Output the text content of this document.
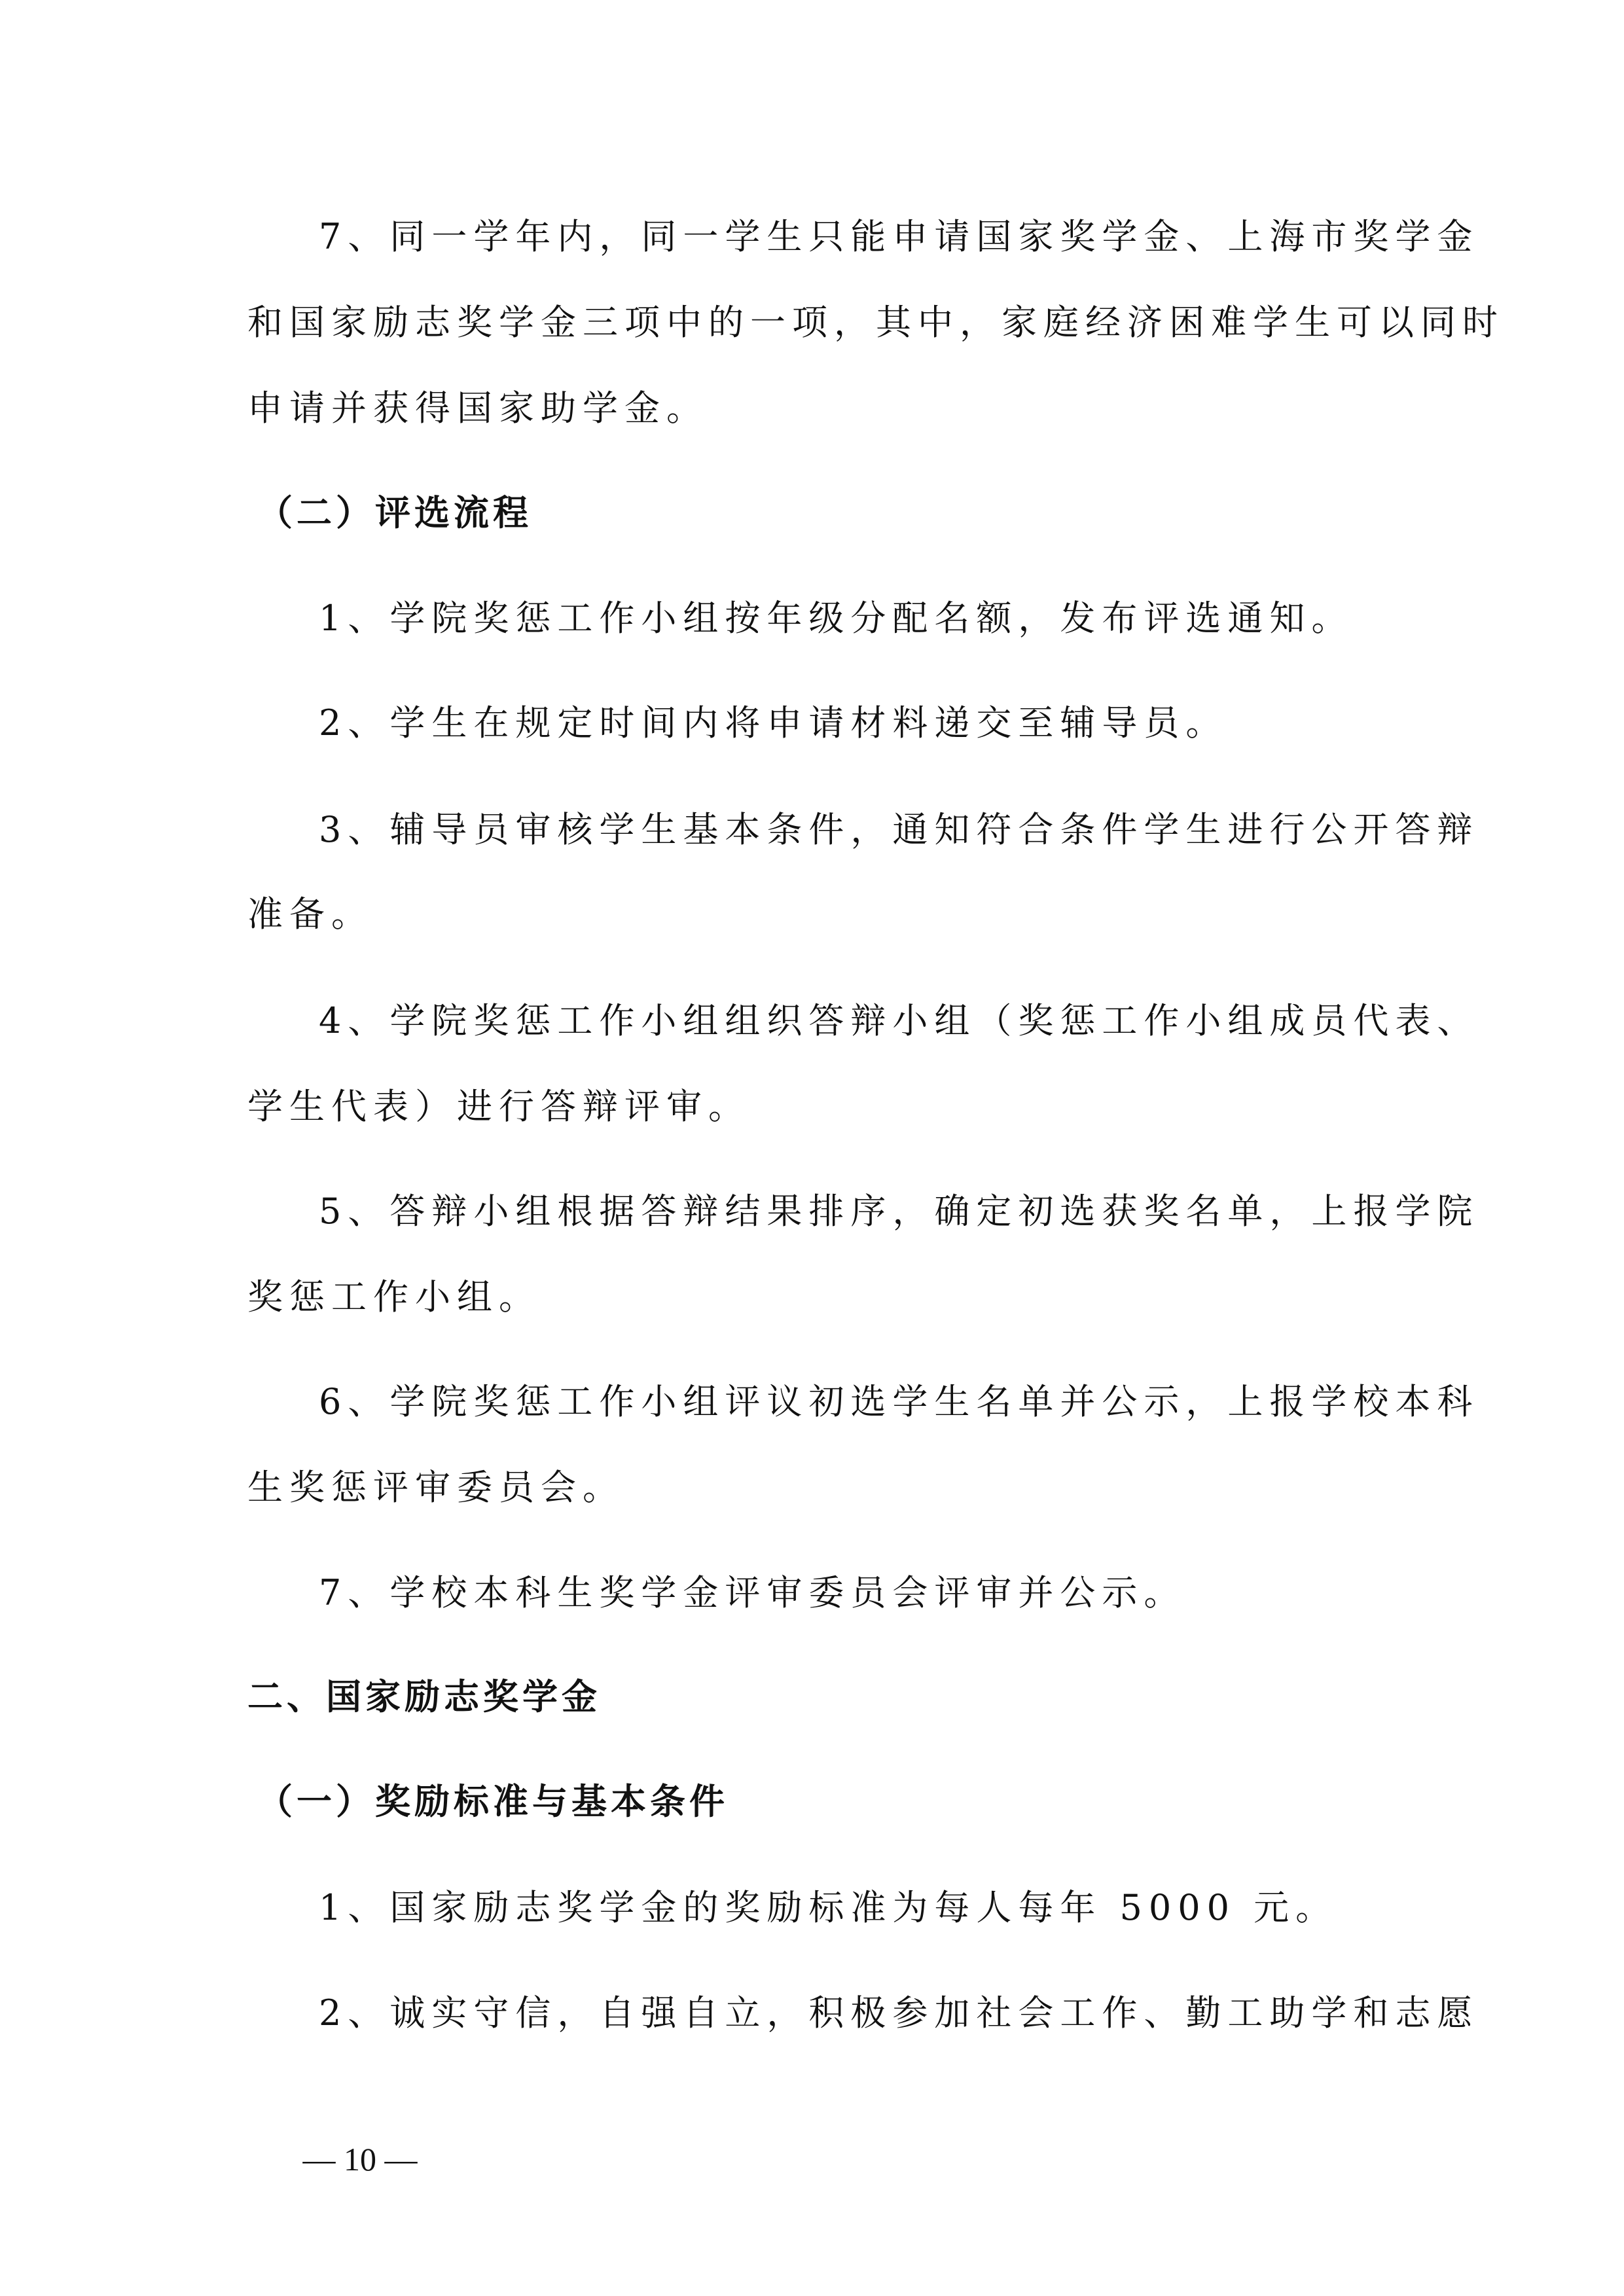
7、同一学年内，同一学生只能申请国家奖学金、上海市奖学金
和国家励志奖学金三项中的一项，其中，家庭经济困难学生可以同时
申请并获得国家助学金。
（二）评选流程
1、学院奖惩工作小组按年级分配名额，发布评选通知。
2、学生在规定时间内将申请材料递交至辅导员。
3、辅导员审核学生基本条件，通知符合条件学生进行公开答辩
准备。
4、学院奖惩工作小组组织答辩小组（奖惩工作小组成员代表、
学生代表）进行答辩评审。
5、答辩小组根据答辩结果排序，确定初选获奖名单，上报学院
奖惩工作小组。
6、学院奖惩工作小组评议初选学生名单并公示，上报学校本科
生奖惩评审委员会。
7、学校本科生奖学金评审委员会评审并公示。
二、国家励志奖学金
（一）奖励标准与基本条件
1、国家励志奖学金的奖励标准为每人每年 5000 元。
2、诚实守信，自强自立，积极参加社会工作、勤工助学和志愿
— 10 —
